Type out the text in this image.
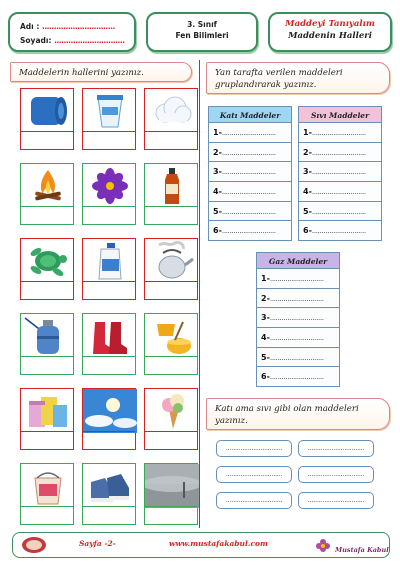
Adı : ...............................
Soyadı: ..............................
3. Sınıf
Fen Bilimleri
Maddeyi Tanıyalım
Maddenin Halleri
Maddelerin hallerini yazınız.	Yan tarafta verilen maddeleri gruplandırarak yazınız.
Katı Maddeler
1-............................
2-............................
3-............................
4-............................
5-............................
6-............................
Sıvı Maddeler
1-............................
2-............................
3-............................
4-............................
5-............................
6-............................
Gaz Maddeler
1-............................
2-............................
3-............................
4-............................
5-............................
6-............................
Katı ama sıvı gibi olan maddeleri yazınız.
...............................	...............................
...............................	...............................
...............................	...............................
Sayfa -2-	www.mustafakabul.com
Mustafa Kabul
